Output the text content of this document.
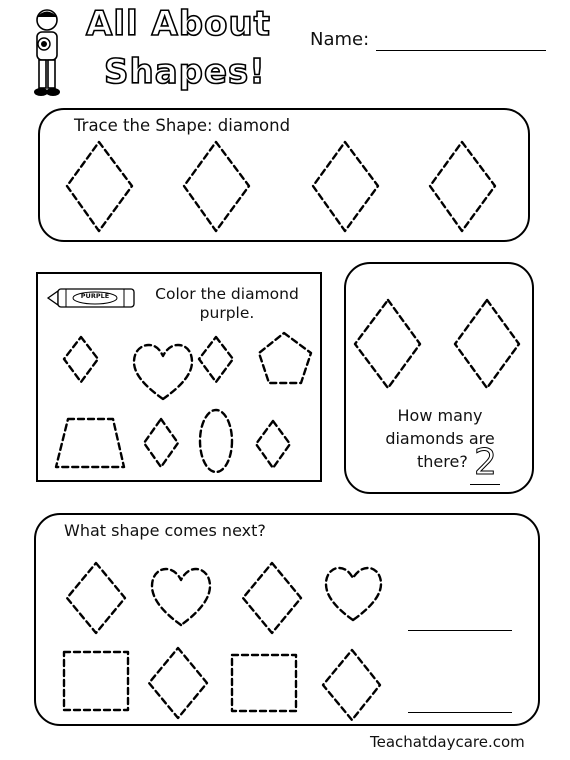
All About
Shapes!
Name:
Trace the Shape: diamond
PURPLE	Color the diamond
purple.
How many
diamonds are
there? 2
What shape comes next?
Teachatdaycare.com
